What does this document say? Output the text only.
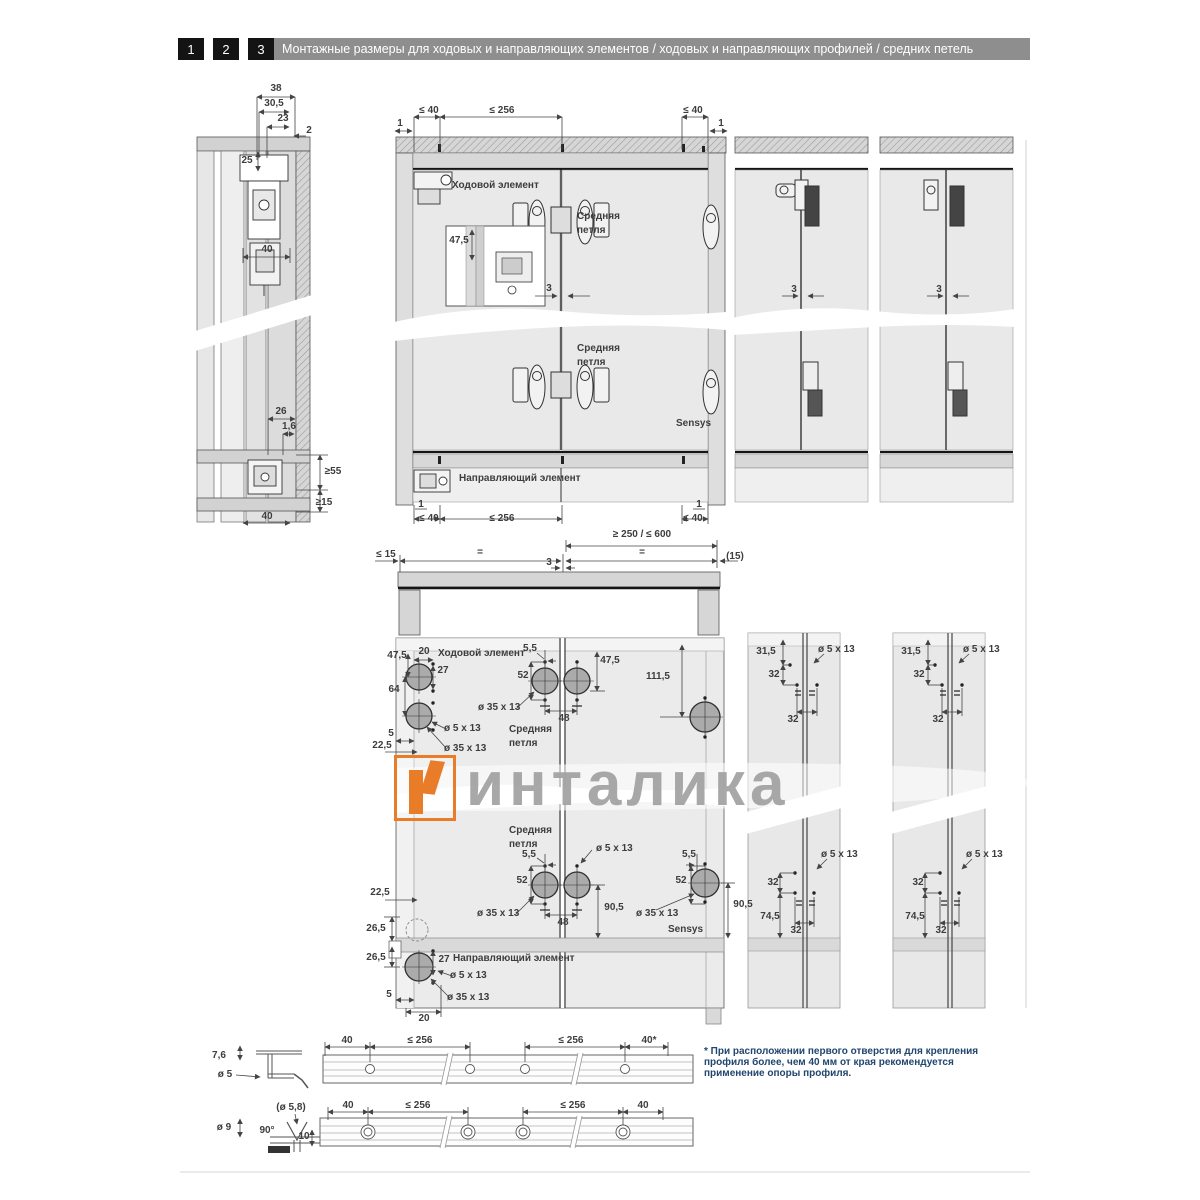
1 2 3 Монтажные размеры для ходовых и направляющих элементов / ходовых и направляющих профилей / средних петель
инталика
38
30,5
23
2
25
40
26
1,6
≥55
≥15
40
≤ 40	≤ 256	≤ 40
1	1
Ходовой элемент
Средняя
петля
47,5
3
Средняя
петля
Sensys
Направляющий элемент
1
≤ 40	≤ 256
1
≤ 40
3	3
≥ 250 / ≤ 600
≤ 15	=
3
=	(15)
47,5 20 Ходовой элемент
27
64
5
22,5
ø 5 x 13
ø 35 x 13
5,5
52
ø 35 x 13
Средняя
петля
48
47,5
111,5
Средняя
петля
5,5
52
ø 5 x 13
ø 35 x 13
48
90,5
5,5
52
ø 35 x 13
Sensys
90,5
22,5
26,5
26,5	27 Направляющий элемент
ø 5 x 13
5	ø 35 x 13
20
31,5
32
32
ø 5 x 13	31,5
32
32
ø 5 x 13
32
74,5
32
ø 5 x 13
32
74,5
32
ø 5 x 13
7,6
ø 5
40	≤ 256	≤ 256	40*
(ø 5,8)
ø 9	90°
10
40	≤ 256	≤ 256	40
* При расположении первого отверстия для крепления
профиля более, чем 40 мм от края рекомендуется
применение опоры профиля.
